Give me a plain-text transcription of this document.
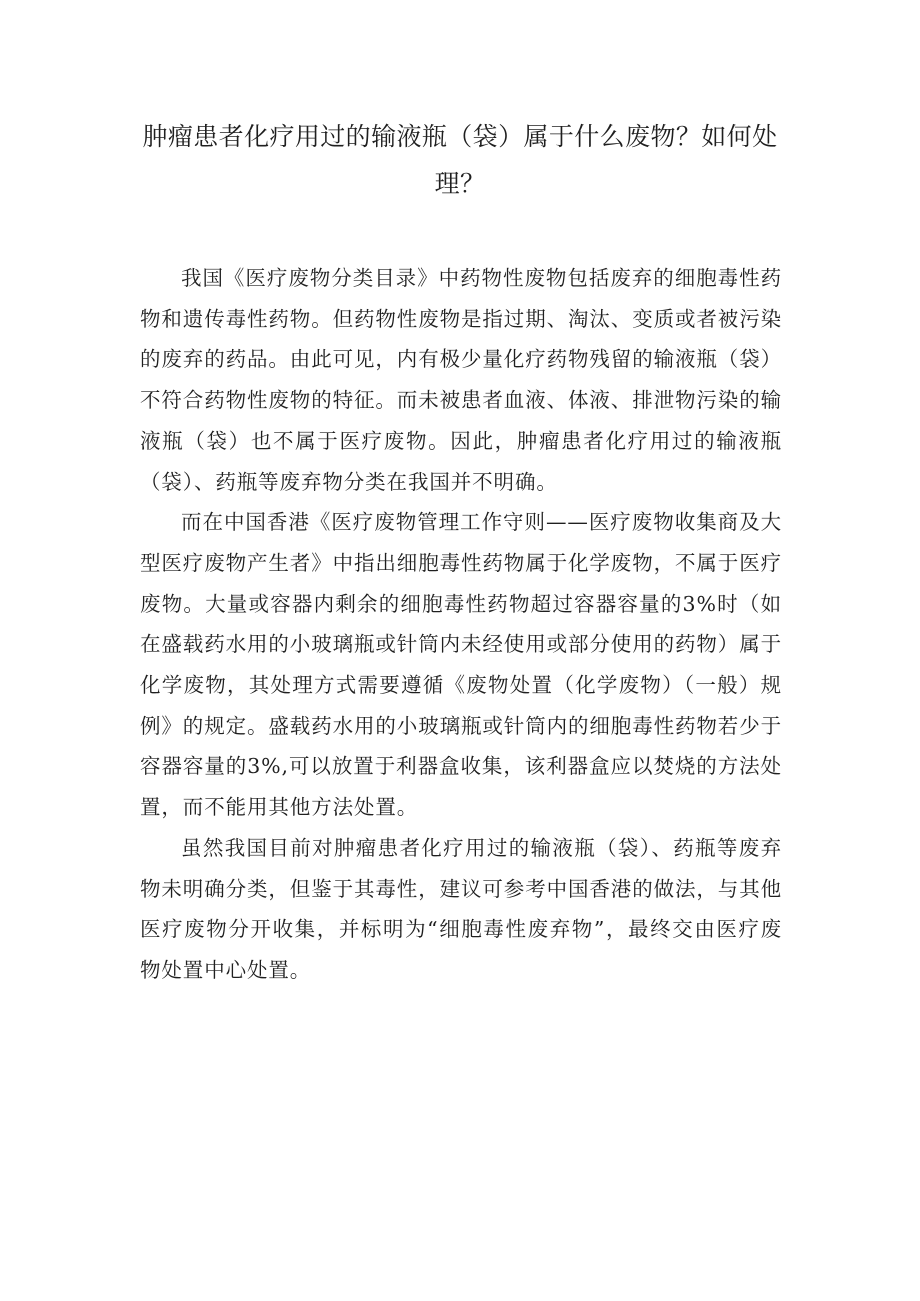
肿瘤患者化疗用过的输液瓶（袋）属于什么废物？如何处理？

我国《医疗废物分类目录》中药物性废物包括废弃的细胞毒性药物和遗传毒性药物。但药物性废物是指过期、淘汰、变质或者被污染的废弃的药品。由此可见，内有极少量化疗药物残留的输液瓶（袋）不符合药物性废物的特征。而未被患者血液、体液、排泄物污染的输液瓶（袋）也不属于医疗废物。因此，肿瘤患者化疗用过的输液瓶（袋）、药瓶等废弃物分类在我国并不明确。

而在中国香港《医疗废物管理工作守则——医疗废物收集商及大型医疗废物产生者》中指出细胞毒性药物属于化学废物，不属于医疗废物。大量或容器内剩余的细胞毒性药物超过容器容量的3%时（如在盛载药水用的小玻璃瓶或针筒内未经使用或部分使用的药物）属于化学废物，其处理方式需要遵循《废物处置（化学废物）（一般）规例》的规定。盛载药水用的小玻璃瓶或针筒内的细胞毒性药物若少于容器容量的3%,可以放置于利器盒收集，该利器盒应以焚烧的方法处置，而不能用其他方法处置。

虽然我国目前对肿瘤患者化疗用过的输液瓶（袋）、药瓶等废弃物未明确分类，但鉴于其毒性，建议可参考中国香港的做法，与其他医疗废物分开收集，并标明为“细胞毒性废弃物”，最终交由医疗废物处置中心处置。
